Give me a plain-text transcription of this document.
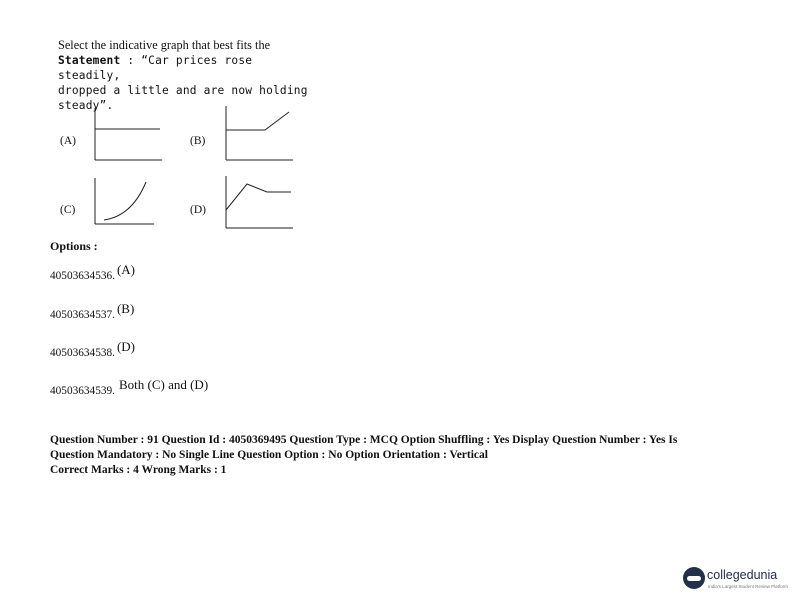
Select the indicative graph that best fits the
Statement : “Car prices rose steadily,
dropped a little and are now holding
steady”.
(A)	(B)
(C)	(D)
Options :
40503634536. $^{(A)}$
40503634537. $^{(B)}$
40503634538. $^{(D)}$
40503634539. $^{Both (C) and (D)}$
Question Number : 91 Question Id : 4050369495 Question Type : MCQ Option Shuffling : Yes Display Question Number : Yes Is
Question Mandatory : No Single Line Question Option : No Option Orientation : Vertical
Correct Marks : 4 Wrong Marks : 1
collegedunia
India's Largest Student Review Platform
